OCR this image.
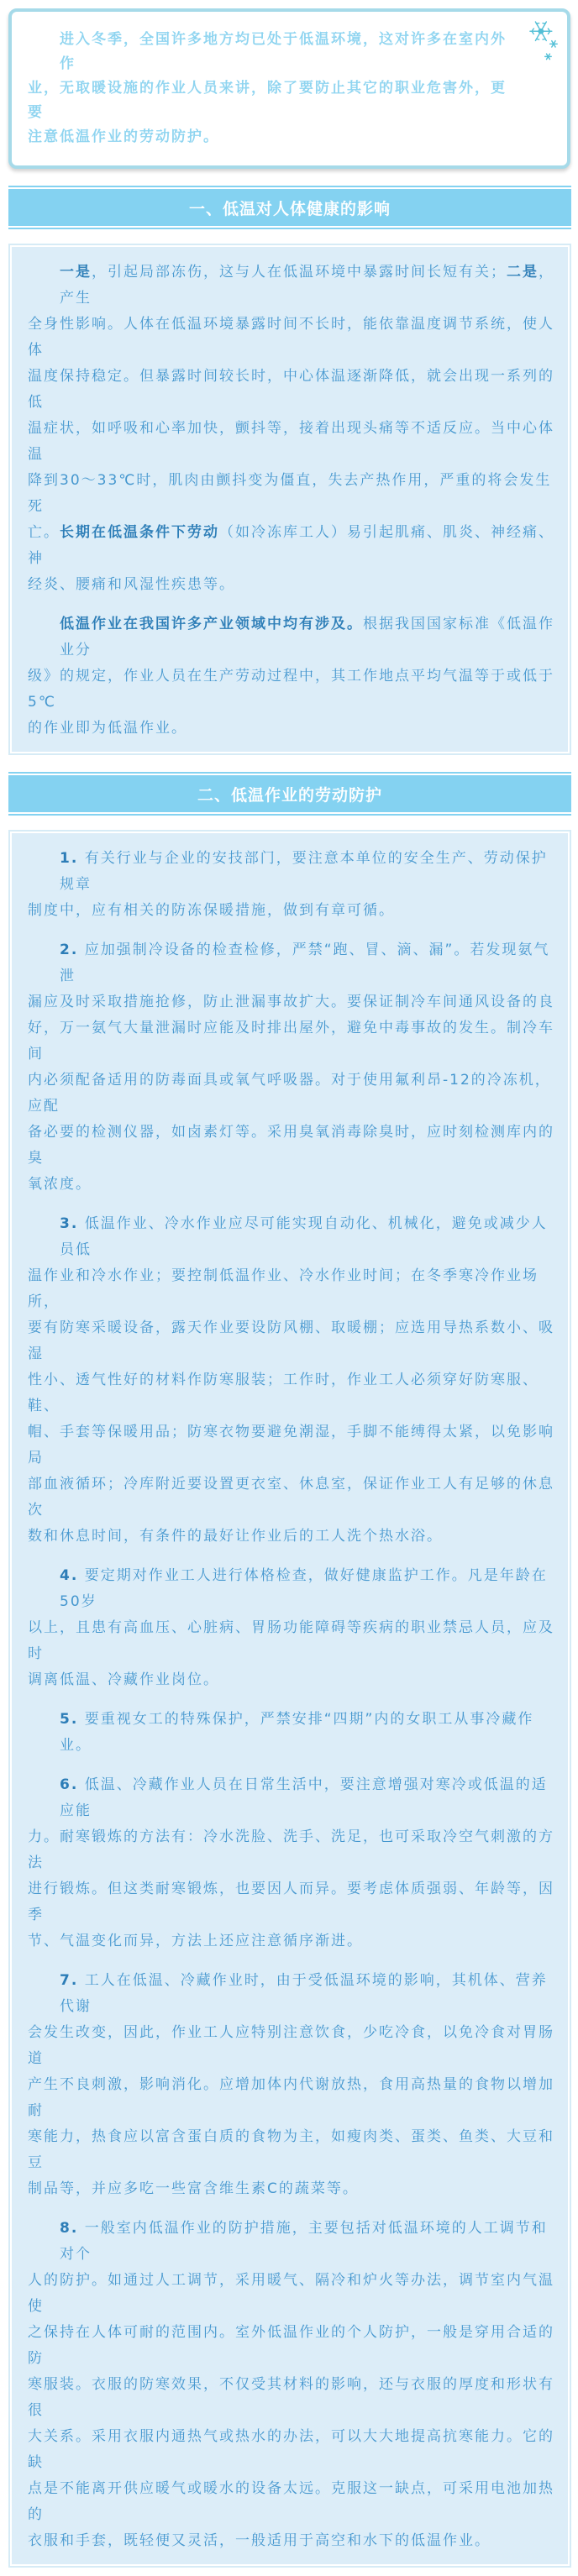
进入冬季，全国许多地方均已处于低温环境，这对许多在室内外作
业，无取暖设施的作业人员来讲，除了要防止其它的职业危害外，更要
注意低温作业的劳动防护。
一、低温对人体健康的影响
一是，引起局部冻伤，这与人在低温环境中暴露时间长短有关；二是，产生
全身性影响。人体在低温环境暴露时间不长时，能依靠温度调节系统，使人体
温度保持稳定。但暴露时间较长时，中心体温逐渐降低，就会出现一系列的低
温症状，如呼吸和心率加快，颤抖等，接着出现头痛等不适反应。当中心体温
降到30～33℃时，肌肉由颤抖变为僵直，失去产热作用，严重的将会发生死
亡。长期在低温条件下劳动（如冷冻库工人）易引起肌痛、肌炎、神经痛、神
经炎、腰痛和风湿性疾患等。
低温作业在我国许多产业领域中均有涉及。根据我国国家标准《低温作业分
级》的规定，作业人员在生产劳动过程中，其工作地点平均气温等于或低于5℃
的作业即为低温作业。
二、低温作业的劳动防护
1. 有关行业与企业的安技部门，要注意本单位的安全生产、劳动保护规章
制度中，应有相关的防冻保暖措施，做到有章可循。
2. 应加强制冷设备的检查检修，严禁“跑、冒、滴、漏”。若发现氨气泄
漏应及时采取措施抢修，防止泄漏事故扩大。要保证制冷车间通风设备的良
好，万一氨气大量泄漏时应能及时排出屋外，避免中毒事故的发生。制冷车间
内必须配备适用的防毒面具或氧气呼吸器。对于使用氟利昂-12的冷冻机，应配
备必要的检测仪器，如卤素灯等。采用臭氧消毒除臭时，应时刻检测库内的臭
氧浓度。
3. 低温作业、冷水作业应尽可能实现自动化、机械化，避免或减少人员低
温作业和冷水作业；要控制低温作业、冷水作业时间；在冬季寒冷作业场所，
要有防寒采暖设备，露天作业要设防风棚、取暖棚；应选用导热系数小、吸湿
性小、透气性好的材料作防寒服装；工作时，作业工人必须穿好防寒服、鞋、
帽、手套等保暖用品；防寒衣物要避免潮湿，手脚不能缚得太紧，以免影响局
部血液循环；冷库附近要设置更衣室、休息室，保证作业工人有足够的休息次
数和休息时间，有条件的最好让作业后的工人洗个热水浴。
4. 要定期对作业工人进行体格检查，做好健康监护工作。凡是年龄在50岁
以上，且患有高血压、心脏病、胃肠功能障碍等疾病的职业禁忌人员，应及时
调离低温、冷藏作业岗位。
5. 要重视女工的特殊保护，严禁安排“四期”内的女职工从事冷藏作业。
6. 低温、冷藏作业人员在日常生活中，要注意增强对寒冷或低温的适应能
力。耐寒锻炼的方法有：冷水洗脸、洗手、洗足，也可采取冷空气刺激的方法
进行锻炼。但这类耐寒锻炼，也要因人而异。要考虑体质强弱、年龄等，因季
节、气温变化而异，方法上还应注意循序渐进。
7. 工人在低温、冷藏作业时，由于受低温环境的影响，其机体、营养代谢
会发生改变，因此，作业工人应特别注意饮食，少吃冷食，以免冷食对胃肠道
产生不良刺激，影响消化。应增加体内代谢放热，食用高热量的食物以增加耐
寒能力，热食应以富含蛋白质的食物为主，如瘦肉类、蛋类、鱼类、大豆和豆
制品等，并应多吃一些富含维生素C的蔬菜等。
8. 一般室内低温作业的防护措施，主要包括对低温环境的人工调节和对个
人的防护。如通过人工调节，采用暖气、隔冷和炉火等办法，调节室内气温使
之保持在人体可耐的范围内。室外低温作业的个人防护，一般是穿用合适的防
寒服装。衣服的防寒效果，不仅受其材料的影响，还与衣服的厚度和形状有很
大关系。采用衣服内通热气或热水的办法，可以大大地提高抗寒能力。它的缺
点是不能离开供应暖气或暖水的设备太远。克服这一缺点，可采用电池加热的
衣服和手套，既轻便又灵活，一般适用于高空和水下的低温作业。
